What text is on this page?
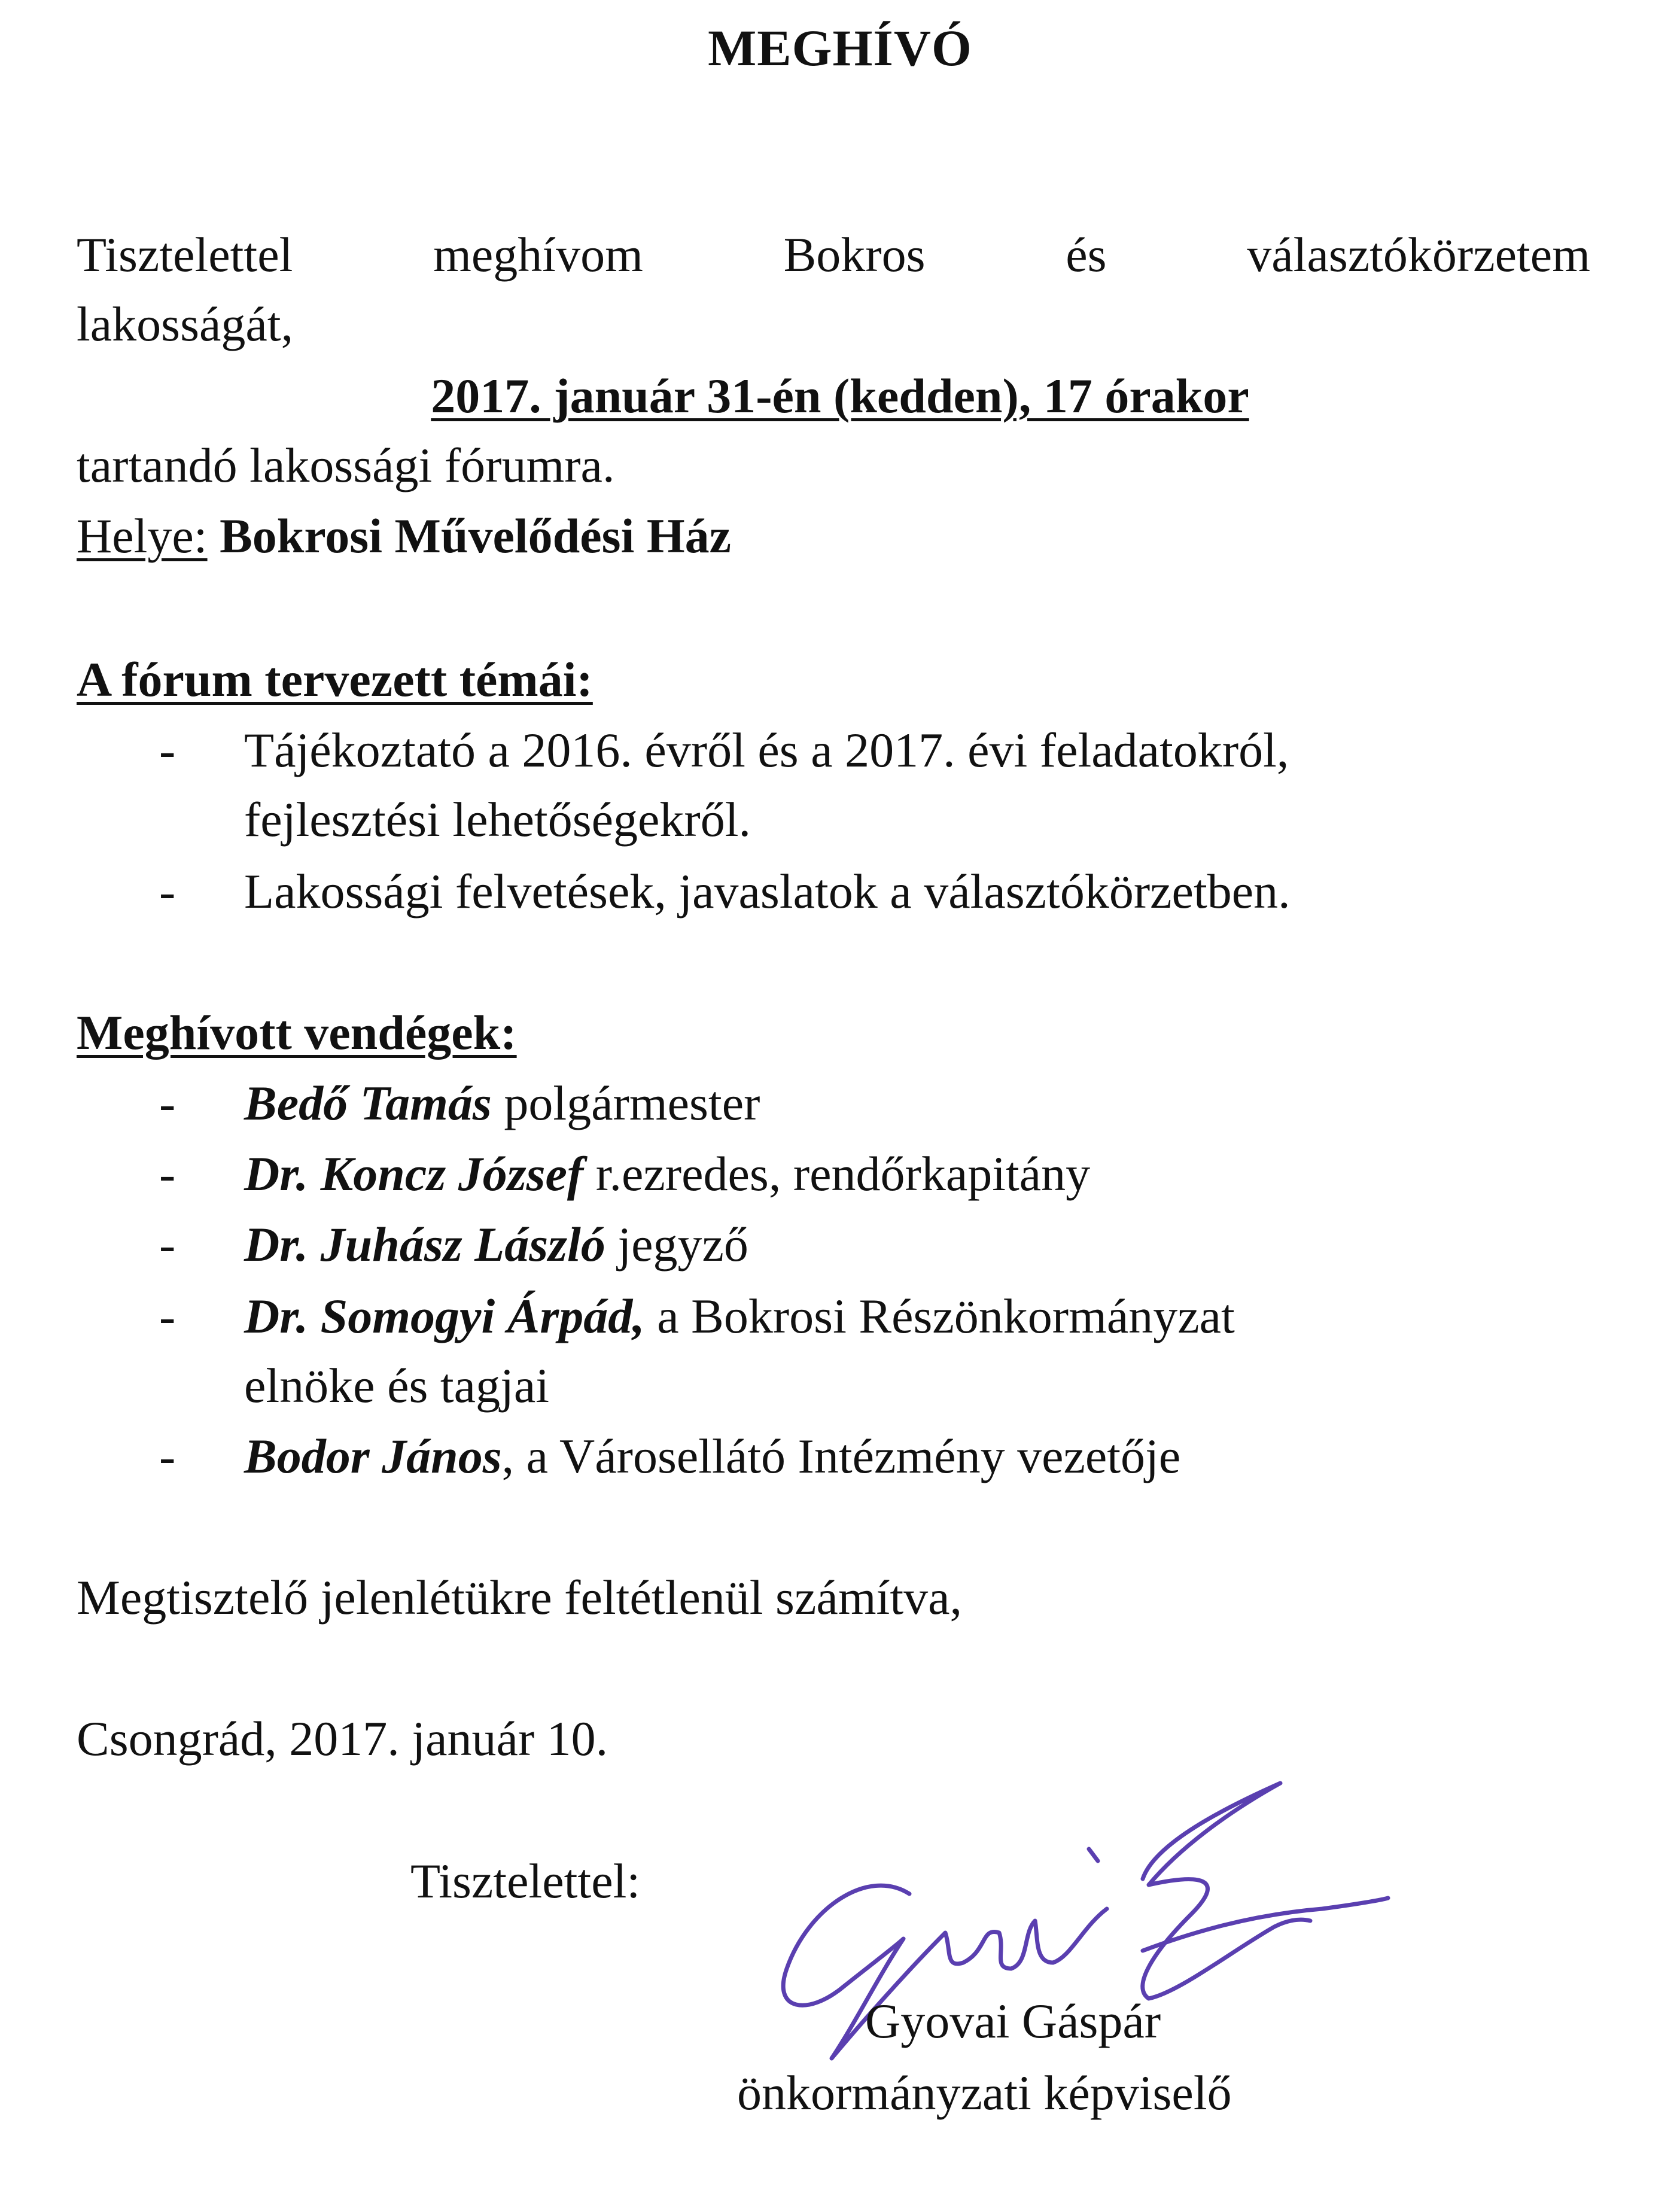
MEGHÍVÓ
Tisztelettel	meghívom	Bokros	és	választókörzetem
lakosságát,
2017. január 31-én (kedden), 17 órakor
tartandó lakossági fórumra.
Helye: Bokrosi Művelődési Ház
A fórum tervezett témái:
- Tájékoztató a 2016. évről és a 2017. évi feladatokról,
fejlesztési lehetőségekről.
- Lakossági felvetések, javaslatok a választókörzetben.
Meghívott vendégek:
- Bedő Tamás polgármester
- Dr. Koncz József r.ezredes, rendőrkapitány
- Dr. Juhász László jegyző
- Dr. Somogyi Árpád, a Bokrosi Részönkormányzat
elnöke és tagjai
- Bodor János, a Városellátó Intézmény vezetője
Megtisztelő jelenlétükre feltétlenül számítva,
Csongrád, 2017. január 10.
Tisztelettel:
Gyovai Gáspár
önkormányzati képviselő
